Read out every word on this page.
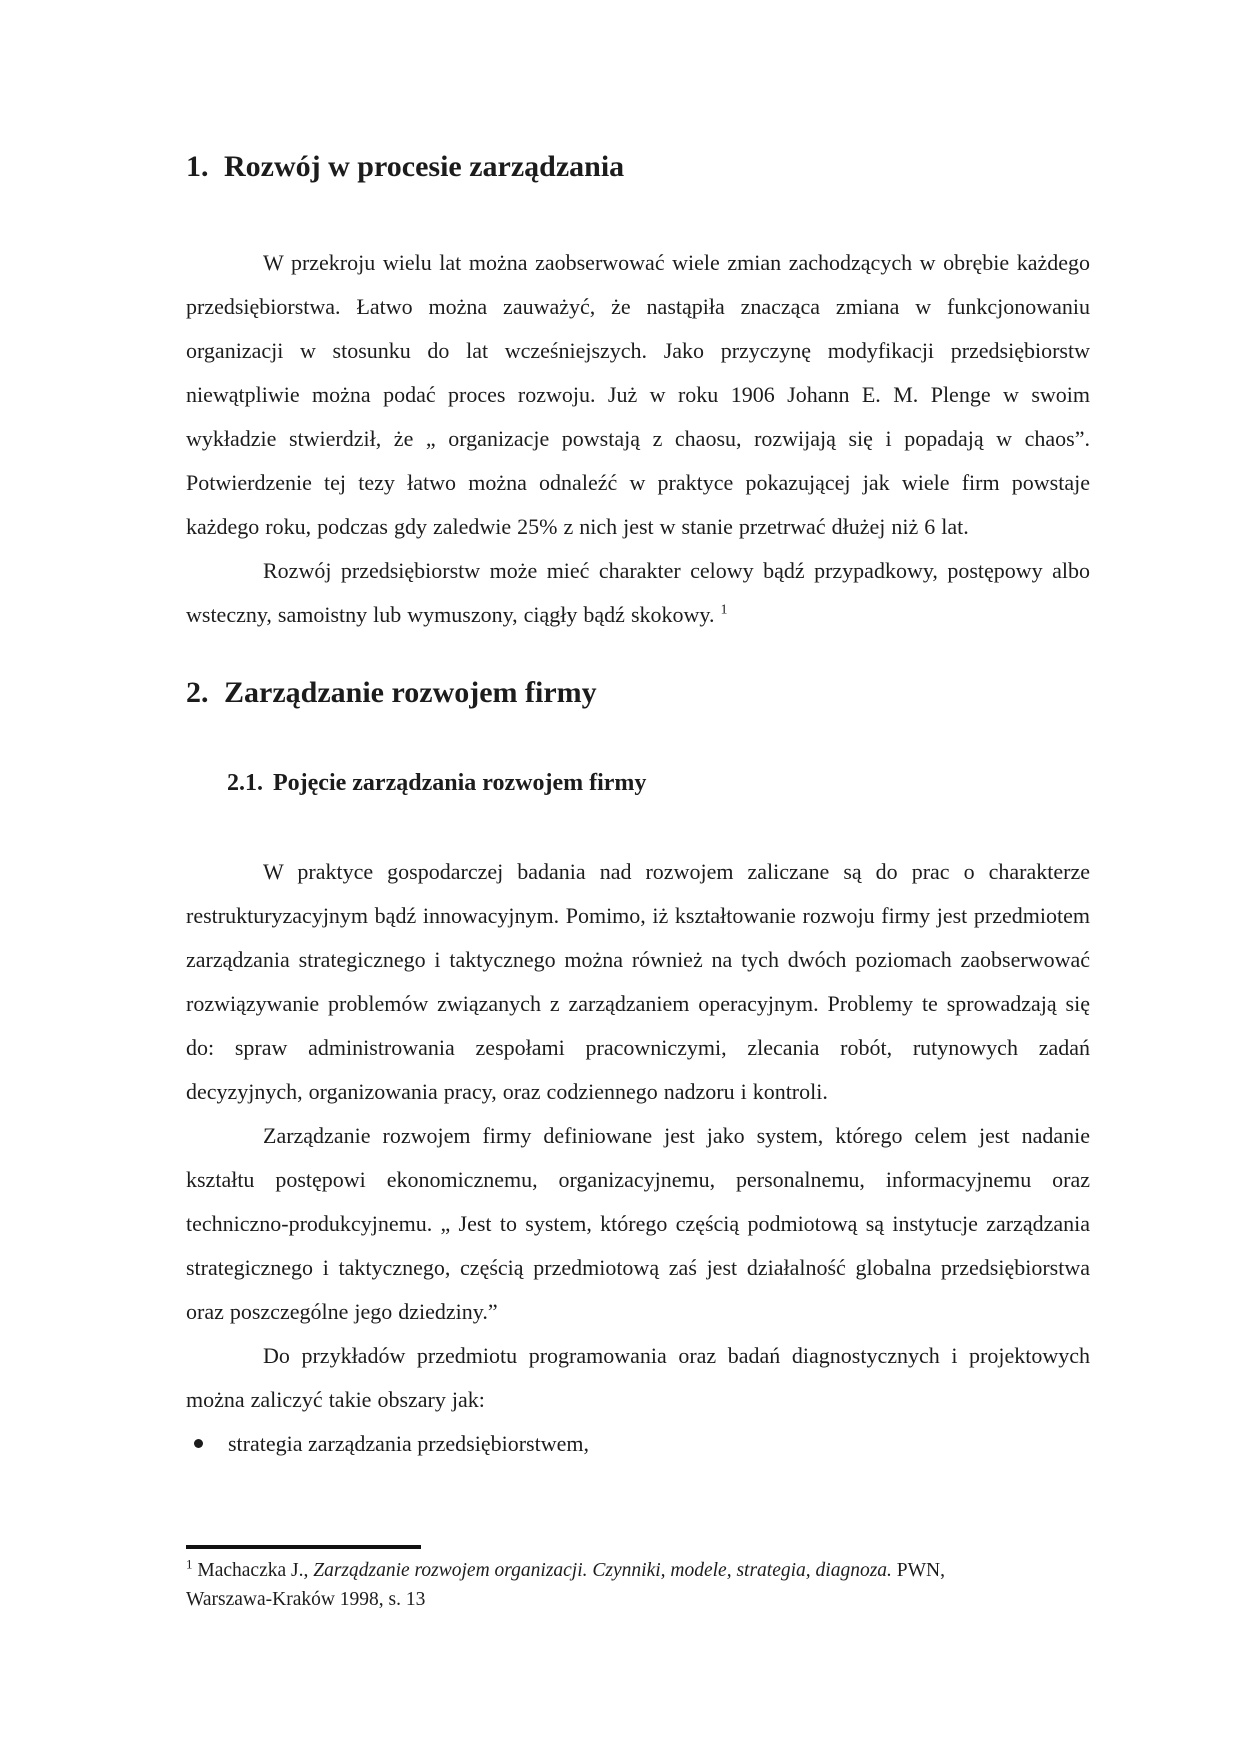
1. Rozwój w procesie zarządzania

W przekroju wielu lat można zaobserwować wiele zmian zachodzących w obrębie każdego przedsiębiorstwa. Łatwo można zauważyć, że nastąpiła znacząca zmiana w funkcjonowaniu organizacji w stosunku do lat wcześniejszych. Jako przyczynę modyfikacji przedsiębiorstw niewątpliwie można podać proces rozwoju. Już w roku 1906 Johann E. M. Plenge w swoim wykładzie stwierdził, że „ organizacje powstają z chaosu, rozwijają się i popadają w chaos”. Potwierdzenie tej tezy łatwo można odnaleźć w praktyce pokazującej jak wiele firm powstaje każdego roku, podczas gdy zaledwie 25% z nich jest w stanie przetrwać dłużej niż 6 lat.

Rozwój przedsiębiorstw może mieć charakter celowy bądź przypadkowy, postępowy albo wsteczny, samoistny lub wymuszony, ciągły bądź skokowy. $^1$

2. Zarządzanie rozwojem firmy
2.1. Pojęcie zarządzania rozwojem firmy

W praktyce gospodarczej badania nad rozwojem zaliczane są do prac o charakterze restrukturyzacyjnym bądź innowacyjnym. Pomimo, iż kształtowanie rozwoju firmy jest przedmiotem zarządzania strategicznego i taktycznego można również na tych dwóch poziomach zaobserwować rozwiązywanie problemów związanych z zarządzaniem operacyjnym. Problemy te sprowadzają się do: spraw administrowania zespołami pracowniczymi, zlecania robót, rutynowych zadań decyzyjnych, organizowania pracy, oraz codziennego nadzoru i kontroli.

Zarządzanie rozwojem firmy definiowane jest jako system, którego celem jest nadanie kształtu postępowi ekonomicznemu, organizacyjnemu, personalnemu, informacyjnemu oraz techniczno-produkcyjnemu. „ Jest to system, którego częścią podmiotową są instytucje zarządzania strategicznego i taktycznego, częścią przedmiotową zaś jest działalność globalna przedsiębiorstwa oraz poszczególne jego dziedziny.”

Do przykładów przedmiotu programowania oraz badań diagnostycznych i projektowych można zaliczyć takie obszary jak:

strategia zarządzania przedsiębiorstwem,
$^1$ Machaczka J., Zarządzanie rozwojem organizacji. Czynniki, modele, strategia, diagnoza. PWN,
Warszawa-Kraków 1998, s. 13
